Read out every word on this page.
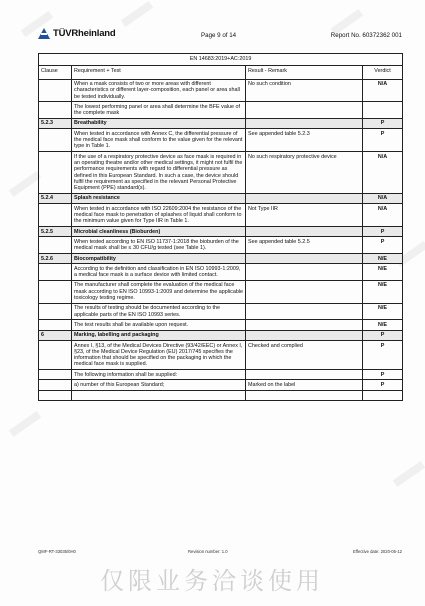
TÜVRheinland	Page 9 of 14	Report No. 60372362 001
EN 14683:2019+AC:2019			
Clause	Requirement + Test	Result - Remark	Verdict
	When a mask consists of two or more areas with different characteristics or different layer-composition, each panel or area shall be tested individually.	No such condition	N/A
	The lowest performing panel or area shall determine the BFE value of the complete mask		
5.2.3	Breathability		P
	When tested in accordance with Annex C, the differential pressure of the medical face mask shall conform to the value given for the relevant type in Table 1.	See appended table 5.2.3	P
	If the use of a respiratory protective device as face mask is required in an operating theatre and/or other medical settings, it might not fulfil the performance requirements with regard to differential pressure as defined in this European Standard. In such a case, the device should fulfil the requirement as specified in the relevant Personal Protective Equipment (PPE) standard(s).	No such respiratory protective device	N/A
5.2.4	Splash resistance		N/A
	When tested in accordance with ISO 22609:2004 the resistance of the medical face mask to penetration of splashes of liquid shall conform to the minimum value given for Type IIR in Table 1.	Not Type IIR	N/A
5.2.5	Microbial cleanliness (Bioburden)		P
	When tested according to EN ISO 11737-1:2018 the bioburden of the medical mask shall be ≤ 30 CFU/g tested (see Table 1).	See appended table 5.2.5	P
5.2.6	Biocompatibility		N/E
	According to the definition and classification in EN ISO 10993-1:2009, a medical face mask is a surface device with limited contact.		N/E
	The manufacturer shall complete the evaluation of the medical face mask according to EN ISO 10993-1:2009 and determine the applicable toxicology testing regime.		N/E
	The results of testing should be documented according to the applicable parts of the EN ISO 10993 series.		N/E
	The test results shall be available upon request.		N/E
6	Marking, labelling and packaging		P
	Annex I, §13, of the Medical Devices Directive (93/42/EEC) or Annex I, §23, of the Medical Device Regulation (EU) 2017/745 specifies the information that should be specified on the packaging in which the medical face mask is supplied.	Checked and complied	P
	The following information shall be supplied:		P
	a) number of this European Standard;	Marked on the label	P

QMF-RT-33035/0H0	Revision number: 1.0	Effective date: 2020-05-12
仅限业务洽谈使用
